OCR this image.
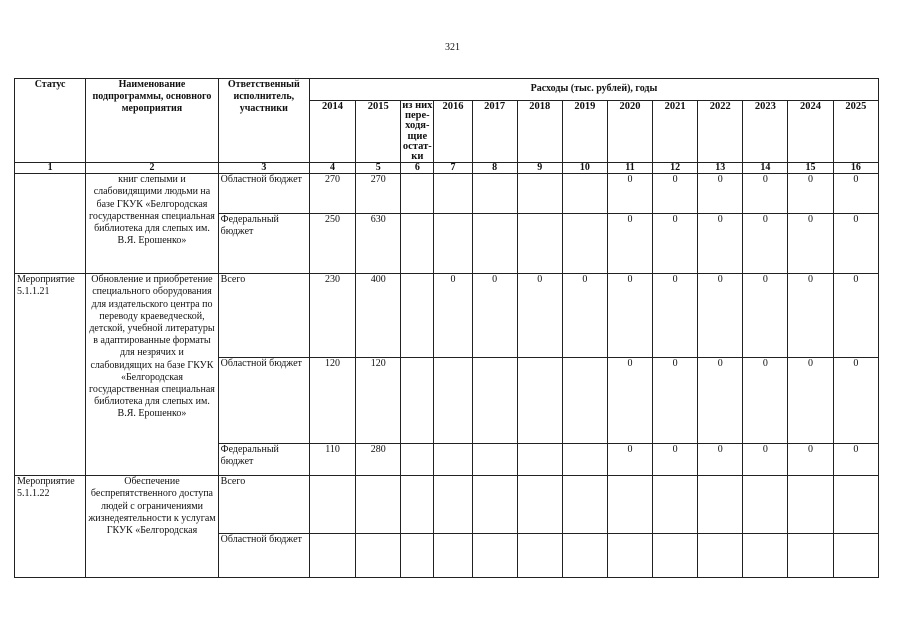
321
Статус	Наименование подпрограммы, основного мероприятия	Ответственный исполнитель, участники	Расходы (тыс. рублей), годы												
			2014	2015	из них пере-ходя-щие остат-ки	2016	2017	2018	2019	2020	2021	2022	2023	2024	2025
1	2	3	4	5	6	7	8	9	10	11	12	13	14	15	16
	книг слепыми и слабовидящими людьми на базе ГКУК «Белгородская государственная специальная библиотека для слепых им. В.Я. Ерошенко»	Областной бюджет	270	270						0	0	0	0	0	0
		Федеральный бюджет	250	630						0	0	0	0	0	0
Мероприятие 5.1.1.21	Обновление и приобретение специального оборудования для издательского центра по переводу краеведческой, детской, учебной литературы в адаптированные форматы для незрячих и слабовидящих на базе ГКУК «Белгородская государственная специальная библиотека для слепых им. В.Я. Ерошенко»	Всего	230	400		0	0	0	0	0	0	0	0	0	0
		Областной бюджет	120	120						0	0	0	0	0	0
		Федеральный бюджет	110	280						0	0	0	0	0	0
Мероприятие 5.1.1.22	Обеспечение беспрепятственного доступа людей с ограничениями жизнедеятельности к услугам ГКУК «Белгородская	Всего													
		Областной бюджет													
